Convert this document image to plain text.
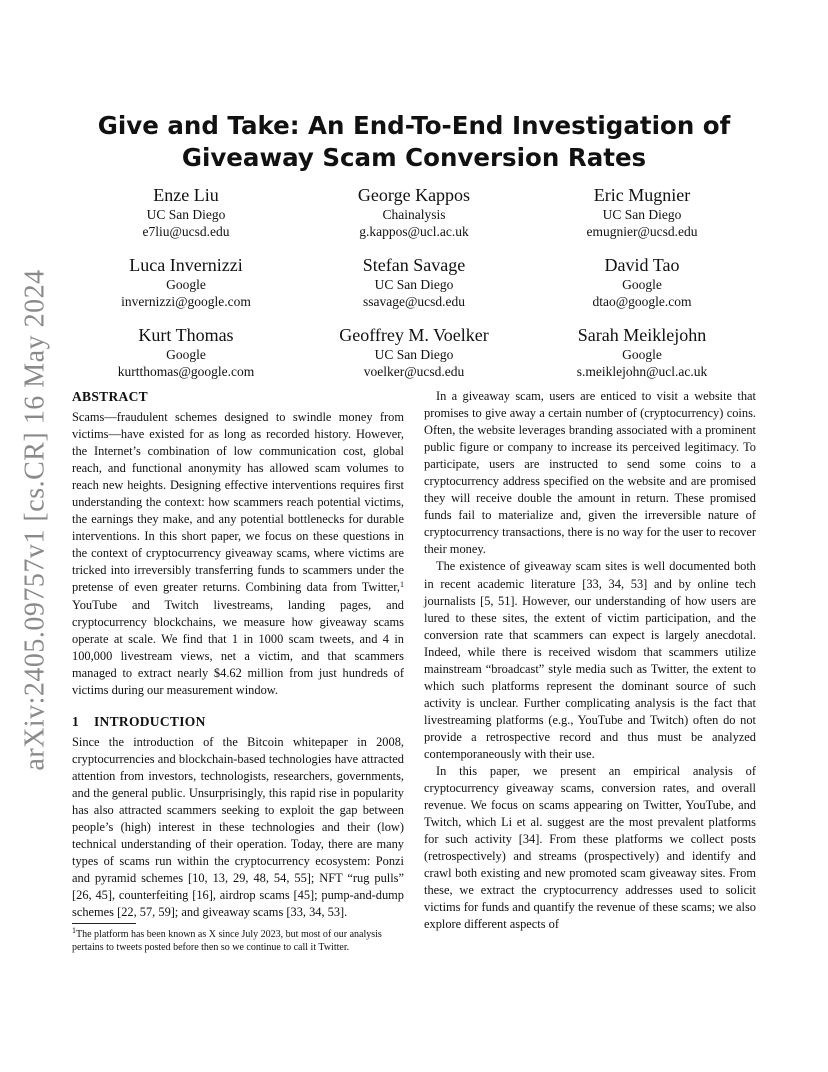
arXiv:2405.09757v1 [cs.CR] 16 May 2024
Give and Take: An End-To-End Investigation of
Giveaway Scam Conversion Rates
Enze Liu
UC San Diego
e7liu@ucsd.edu
George Kappos
Chainalysis
g.kappos@ucl.ac.uk
Eric Mugnier
UC San Diego
emugnier@ucsd.edu
Luca Invernizzi
Google
invernizzi@google.com
Stefan Savage
UC San Diego
ssavage@ucsd.edu
David Tao
Google
dtao@google.com
Kurt Thomas
Google
kurtthomas@google.com
Geoffrey M. Voelker
UC San Diego
voelker@ucsd.edu
Sarah Meiklejohn
Google
s.meiklejohn@ucl.ac.uk
ABSTRACT

Scams—fraudulent schemes designed to swindle money from victims—have existed for as long as recorded history. However, the Internet’s combination of low communication cost, global reach, and functional anonymity has allowed scam volumes to reach new heights. Designing effective interventions requires first understanding the context: how scammers reach potential victims, the earnings they make, and any potential bottlenecks for durable interventions. In this short paper, we focus on these questions in the context of cryptocurrency giveaway scams, where victims are tricked into irreversibly transferring funds to scammers under the pretense of even greater returns. Combining data from Twitter,$^1$ YouTube and Twitch livestreams, landing pages, and cryptocurrency blockchains, we measure how giveaway scams operate at scale. We find that 1 in 1000 scam tweets, and 4 in 100,000 livestream views, net a victim, and that scammers managed to extract nearly $4.62 million from just hundreds of victims during our measurement window.

1 INTRODUCTION

Since the introduction of the Bitcoin whitepaper in 2008, cryptocurrencies and blockchain-based technologies have attracted attention from investors, technologists, researchers, governments, and the general public. Unsurprisingly, this rapid rise in popularity has also attracted scammers seeking to exploit the gap between people’s (high) interest in these technologies and their (low) technical understanding of their operation. Today, there are many types of scams run within the cryptocurrency ecosystem: Ponzi and pyramid schemes [10, 13, 29, 48, 54, 55]; NFT “rug pulls” [26, 45], counterfeiting [16], airdrop scams [45]; pump-and-dump schemes [22, 57, 59]; and giveaway scams [33, 34, 53].

In a giveaway scam, users are enticed to visit a website that promises to give away a certain number of (cryptocurrency) coins. Often, the website leverages branding associated with a prominent public figure or company to increase its perceived legitimacy. To participate, users are instructed to send some coins to a cryptocurrency address specified on the website and are promised they will receive double the amount in return. These promised funds fail to materialize and, given the irreversible nature of cryptocurrency transactions, there is no way for the user to recover their money.

The existence of giveaway scam sites is well documented both in recent academic literature [33, 34, 53] and by online tech journalists [5, 51]. However, our understanding of how users are lured to these sites, the extent of victim participation, and the conversion rate that scammers can expect is largely anecdotal. Indeed, while there is received wisdom that scammers utilize mainstream “broadcast” style media such as Twitter, the extent to which such platforms represent the dominant source of such activity is unclear. Further complicating analysis is the fact that livestreaming platforms (e.g., YouTube and Twitch) often do not provide a retrospective record and thus must be analyzed contemporaneously with their use.

In this paper, we present an empirical analysis of cryptocurrency giveaway scams, conversion rates, and overall revenue. We focus on scams appearing on Twitter, YouTube, and Twitch, which Li et al. suggest are the most prevalent platforms for such activity [34]. From these platforms we collect posts (retrospectively) and streams (prospectively) and identify and crawl both existing and new promoted scam giveaway sites. From these, we extract the cryptocurrency addresses used to solicit victims for funds and quantify the revenue of these scams; we also explore different aspects of

$^1$The platform has been known as X since July 2023, but most of our analysis pertains to tweets posted before then so we continue to call it Twitter.
